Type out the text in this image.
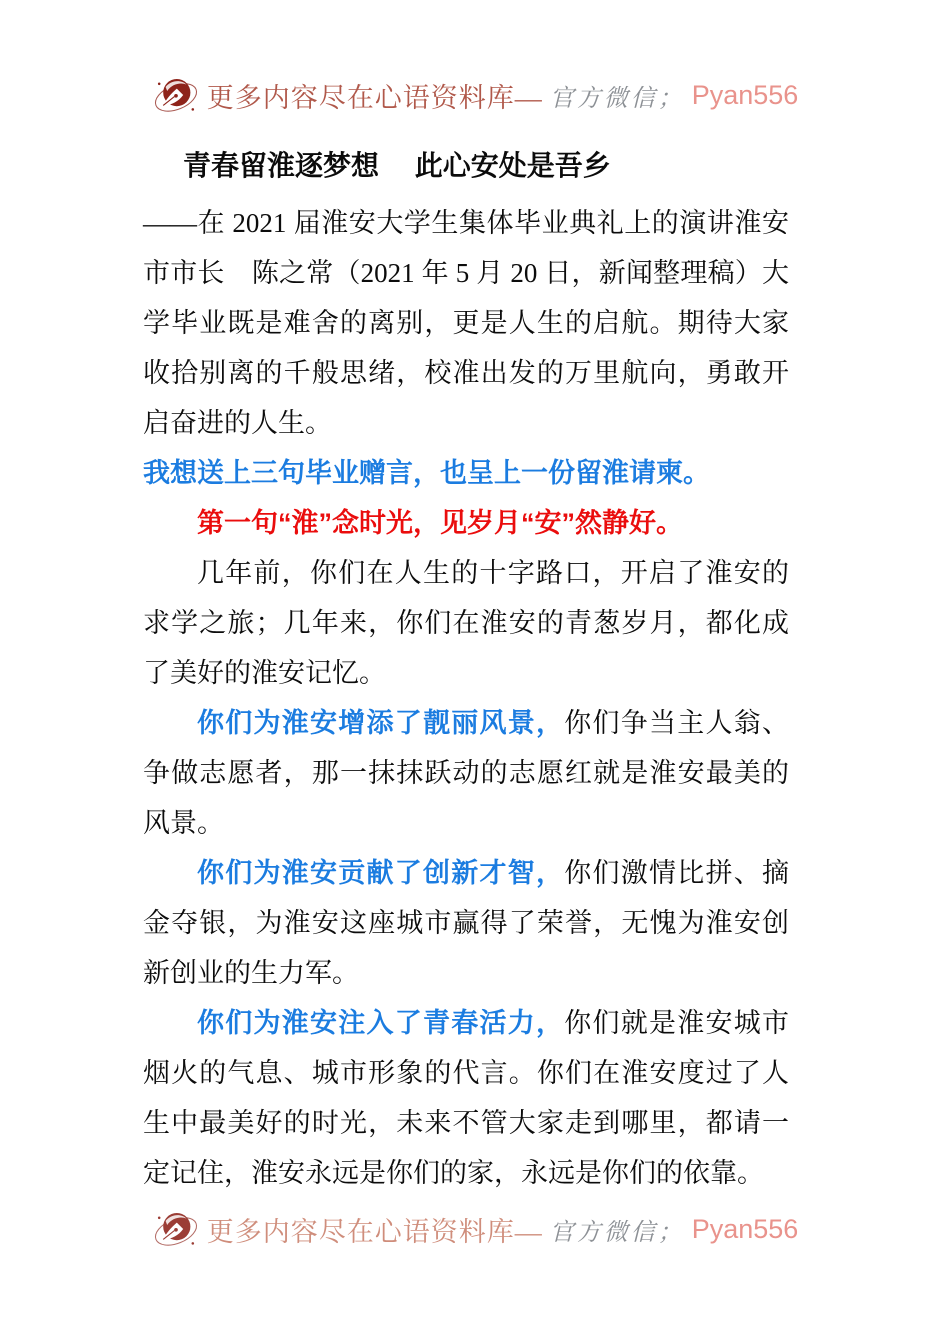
更多内容尽在心语资料库— 官方微信； Pyan556
青春留淮逐梦想　 此心安处是吾乡

——在 2021 届淮安大学生集体毕业典礼上的演讲淮安市市长　陈之常（2021 年 5 月 20 日，新闻整理稿）大学毕业既是难舍的离别，更是人生的启航。期待大家收拾别离的千般思绪，校准出发的万里航向，勇敢开启奋进的人生。

我想送上三句毕业赠言，也呈上一份留淮请柬。

第一句“淮”念时光，见岁月“安”然静好。

几年前，你们在人生的十字路口，开启了淮安的求学之旅；几年来，你们在淮安的青葱岁月，都化成了美好的淮安记忆。

你们为淮安增添了靓丽风景，你们争当主人翁、争做志愿者，那一抹抹跃动的志愿红就是淮安最美的风景。

你们为淮安贡献了创新才智，你们激情比拼、摘金夺银，为淮安这座城市赢得了荣誉，无愧为淮安创新创业的生力军。

你们为淮安注入了青春活力，你们就是淮安城市烟火的气息、城市形象的代言。你们在淮安度过了人生中最美好的时光，未来不管大家走到哪里，都请一定记住，淮安永远是你们的家，永远是你们的依靠。

更多内容尽在心语资料库— 官方微信； Pyan556
